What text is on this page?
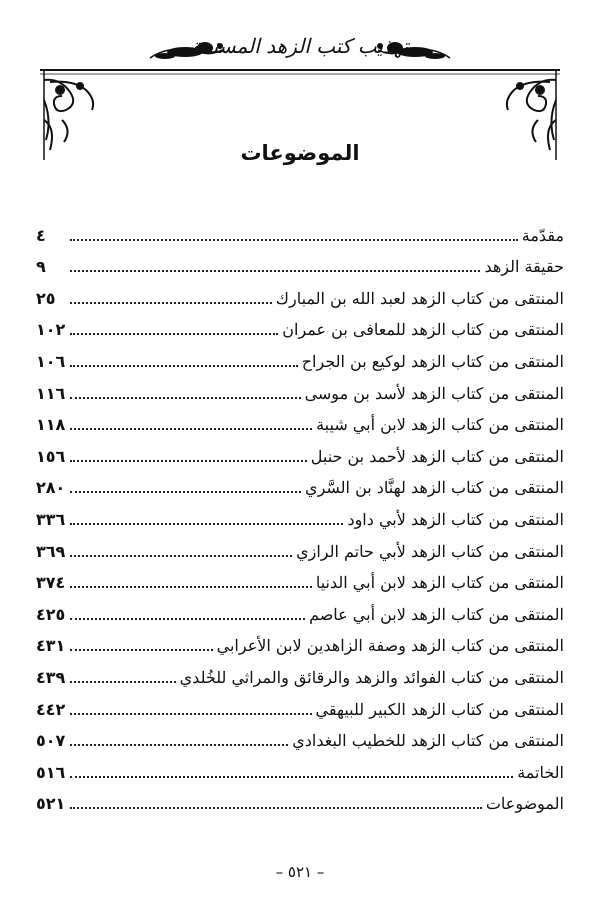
تهذيب كتب الزهد المسندة
الموضوعات
مقدّمة
٤
حقيقة الزهد
٩
المنتقى من كتاب الزهد لعبد الله بن المبارك
٢٥
المنتقى من كتاب الزهد للمعافى بن عمران
١٠٢
المنتقى من كتاب الزهد لوكيع بن الجراح
١٠٦
المنتقى من كتاب الزهد لأسد بن موسى
١١٦
المنتقى من كتاب الزهد لابن أبي شيبة
١١٨
المنتقى من كتاب الزهد لأحمد بن حنبل
١٥٦
المنتقى من كتاب الزهد لهنَّاد بن السَّري
٢٨٠
المنتقى من كتاب الزهد لأبي داود
٣٣٦
المنتقى من كتاب الزهد لأبي حاتم الرازي
٣٦٩
المنتقى من كتاب الزهد لابن أبي الدنيا
٣٧٤
المنتقى من كتاب الزهد لابن أبي عاصم
٤٢٥
المنتقى من كتاب الزهد وصفة الزاهدين لابن الأعرابي
٤٣١
المنتقى من كتاب الفوائد والزهد والرقائق والمراثي للخُلدي
٤٣٩
المنتقى من كتاب الزهد الكبير للبيهقي
٤٤٢
المنتقى من كتاب الزهد للخطيب البغدادي
٥٠٧
الخاتمة
٥١٦
الموضوعات
٥٢١
– ٥٢١ –
